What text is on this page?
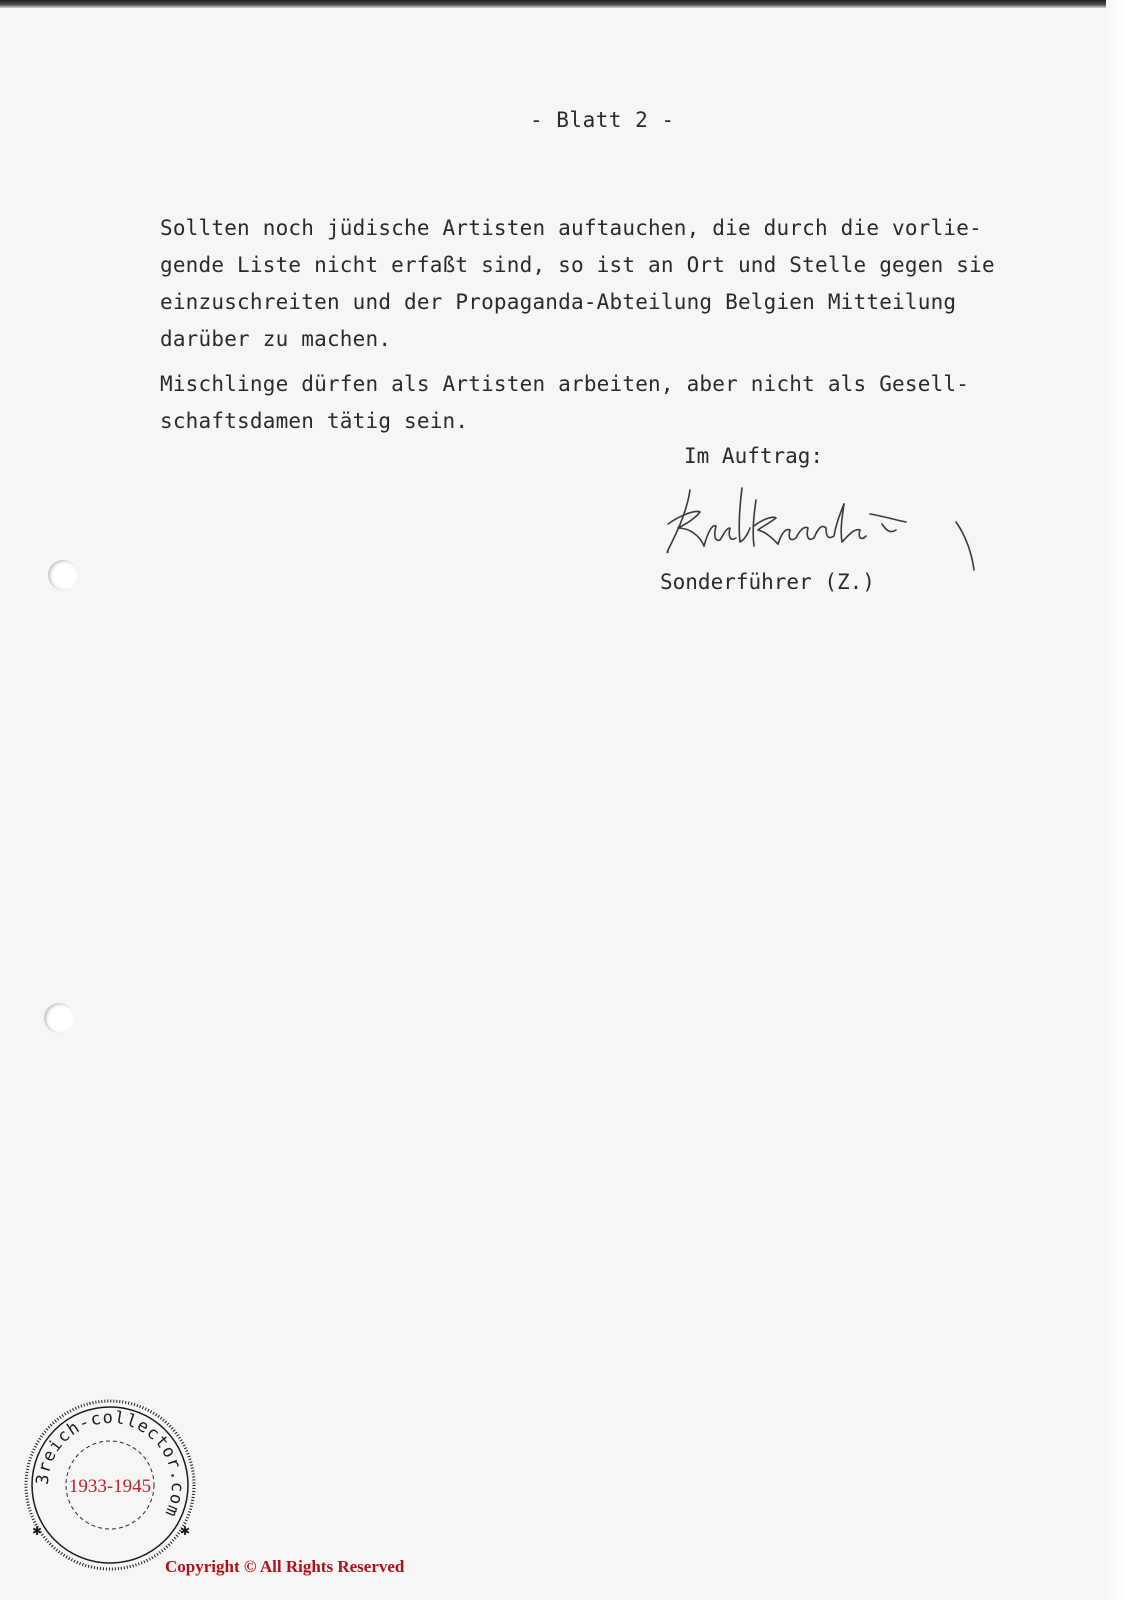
- Blatt 2 -

Sollten noch jüdische Artisten auftauchen, die durch die vorlie-
gende Liste nicht erfaßt sind, so ist an Ort und Stelle gegen sie
einzuschreiten und der Propaganda-Abteilung Belgien Mitteilung
darüber zu machen.

Mischlinge dürfen als Artisten arbeiten, aber nicht als Gesell-
schaftsdamen tätig sein.

Im Auftrag:
Sonderführer (Z.)
3reich-collector.com
1933-1945
✱	✱
Copyright © All Rights Reserved
